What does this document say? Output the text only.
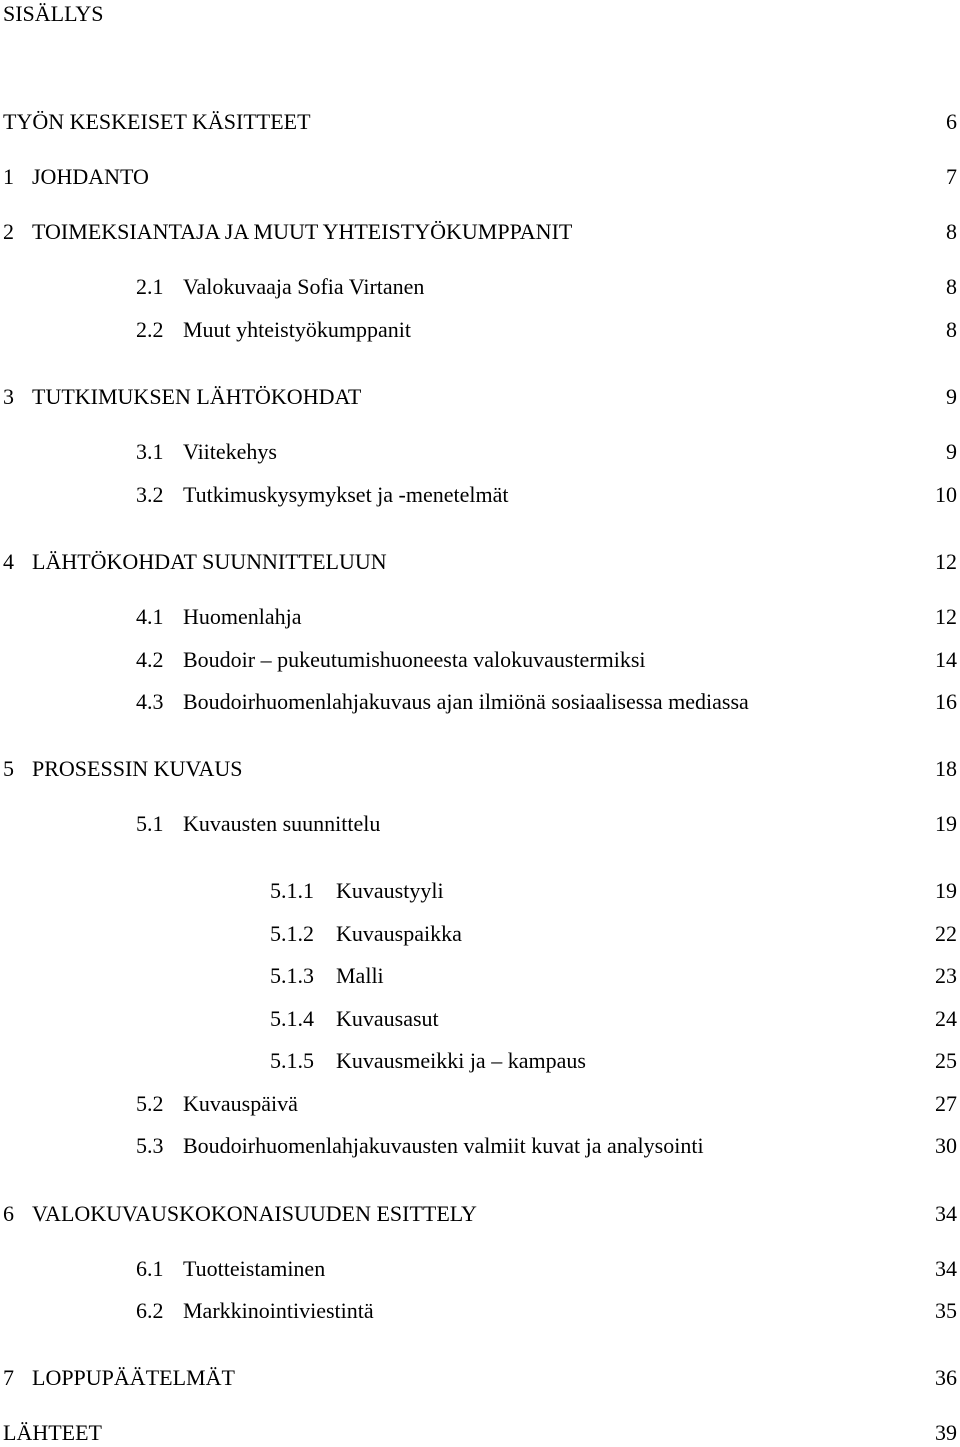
SISÄLLYS
TYÖN KESKEISET KÄSITTEET	6
1 JOHDANTO	7
2 TOIMEKSIANTAJA JA MUUT YHTEISTYÖKUMPPANIT	8
2.1 Valokuvaaja Sofia Virtanen	8
2.2 Muut yhteistyökumppanit	8
3 TUTKIMUKSEN LÄHTÖKOHDAT	9
3.1 Viitekehys	9
3.2 Tutkimuskysymykset ja -menetelmät	10
4 LÄHTÖKOHDAT SUUNNITTELUUN	12
4.1 Huomenlahja	12
4.2 Boudoir – pukeutumishuoneesta valokuvaustermiksi	14
4.3 Boudoirhuomenlahjakuvaus ajan ilmiönä sosiaalisessa mediassa	16
5 PROSESSIN KUVAUS	18
5.1 Kuvausten suunnittelu	19
5.1.1 Kuvaustyyli	19
5.1.2 Kuvauspaikka	22
5.1.3 Malli	23
5.1.4 Kuvausasut	24
5.1.5 Kuvausmeikki ja – kampaus	25
5.2 Kuvauspäivä	27
5.3 Boudoirhuomenlahjakuvausten valmiit kuvat ja analysointi	30
6 VALOKUVAUSKOKONAISUUDEN ESITTELY	34
6.1 Tuotteistaminen	34
6.2 Markkinointiviestintä	35
7 LOPPUPÄÄTELMÄT	36
LÄHTEET	39
